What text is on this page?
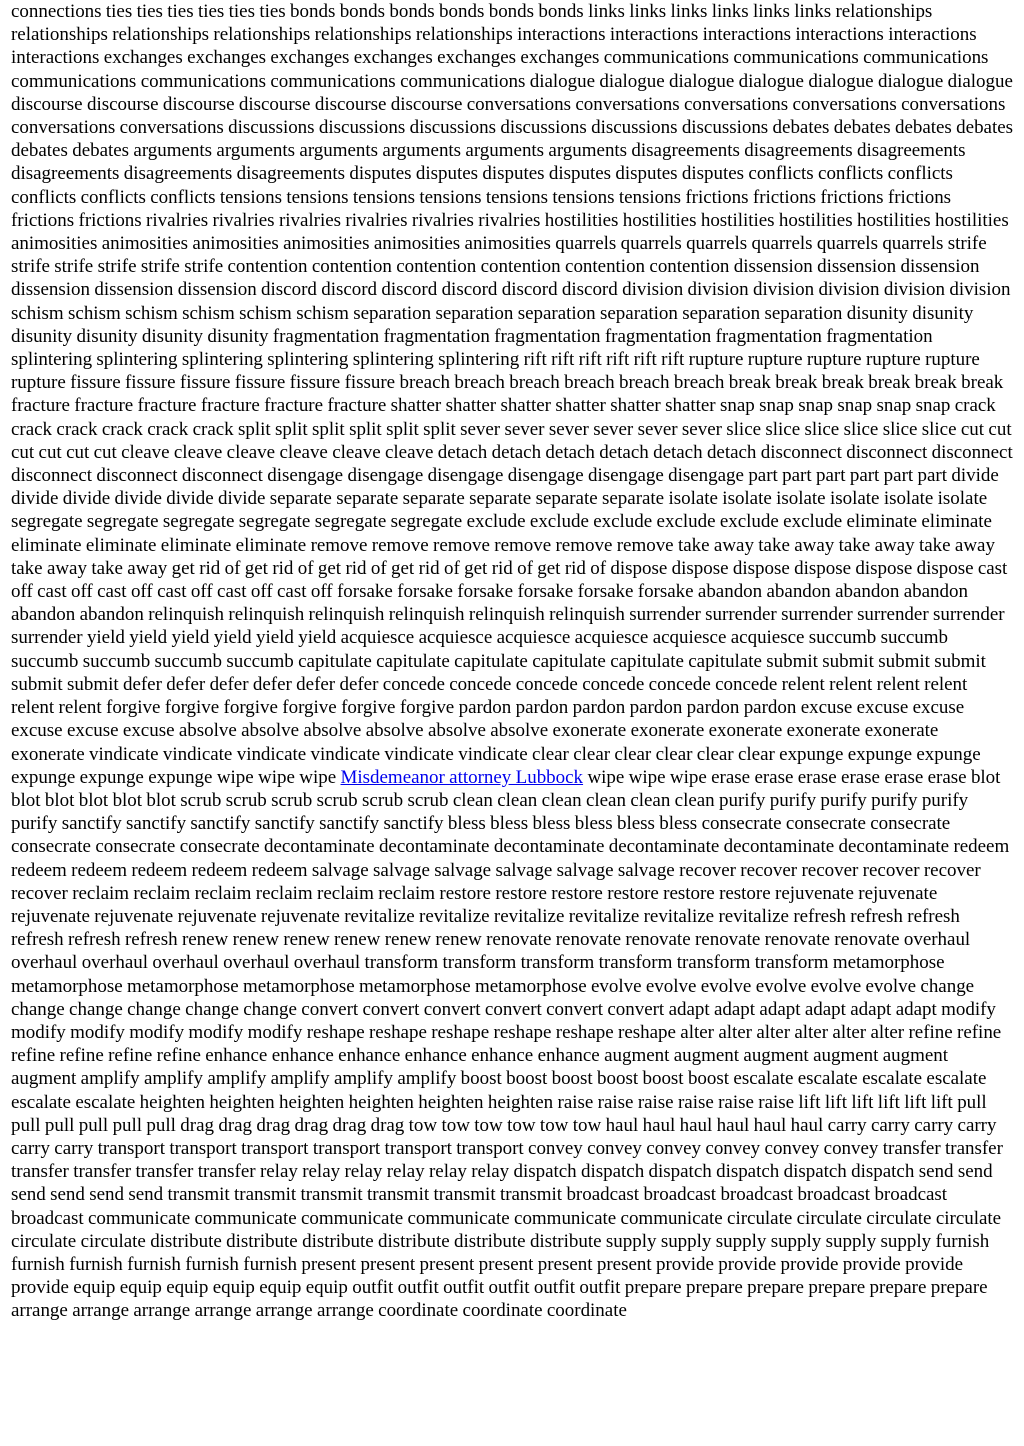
connections ties ties ties ties ties ties bonds bonds bonds bonds bonds bonds links links links links links links relationships relationships relationships relationships relationships relationships interactions interactions interactions interactions interactions interactions exchanges exchanges exchanges exchanges exchanges exchanges communications communications communications communications communications communications communications dialogue dialogue dialogue dialogue dialogue dialogue dialogue discourse discourse discourse discourse discourse discourse conversations conversations conversations conversations conversations conversations conversations discussions discussions discussions discussions discussions discussions debates debates debates debates debates debates arguments arguments arguments arguments arguments arguments disagreements disagreements disagreements disagreements disagreements disagreements disputes disputes disputes disputes disputes disputes conflicts conflicts conflicts conflicts conflicts conflicts tensions tensions tensions tensions tensions tensions tensions frictions frictions frictions frictions frictions frictions rivalries rivalries rivalries rivalries rivalries rivalries hostilities hostilities hostilities hostilities hostilities hostilities animosities animosities animosities animosities animosities animosities quarrels quarrels quarrels quarrels quarrels quarrels strife strife strife strife strife strife contention contention contention contention contention contention dissension dissension dissension dissension dissension dissension discord discord discord discord discord discord division division division division division division schism schism schism schism schism schism separation separation separation separation separation separation disunity disunity disunity disunity disunity disunity fragmentation fragmentation fragmentation fragmentation fragmentation fragmentation splintering splintering splintering splintering splintering splintering rift rift rift rift rift rift rupture rupture rupture rupture rupture rupture fissure fissure fissure fissure fissure fissure breach breach breach breach breach breach break break break break break break fracture fracture fracture fracture fracture fracture shatter shatter shatter shatter shatter shatter snap snap snap snap snap snap crack crack crack crack crack crack split split split split split split sever sever sever sever sever sever slice slice slice slice slice slice cut cut cut cut cut cut cleave cleave cleave cleave cleave cleave detach detach detach detach detach detach disconnect disconnect disconnect disconnect disconnect disconnect disengage disengage disengage disengage disengage disengage part part part part part part divide divide divide divide divide divide separate separate separate separate separate separate isolate isolate isolate isolate isolate isolate segregate segregate segregate segregate segregate segregate exclude exclude exclude exclude exclude exclude eliminate eliminate eliminate eliminate eliminate eliminate remove remove remove remove remove remove take away take away take away take away take away take away get rid of get rid of get rid of get rid of get rid of get rid of dispose dispose dispose dispose dispose dispose cast off cast off cast off cast off cast off cast off forsake forsake forsake forsake forsake forsake abandon abandon abandon abandon abandon abandon relinquish relinquish relinquish relinquish relinquish relinquish surrender surrender surrender surrender surrender surrender yield yield yield yield yield yield acquiesce acquiesce acquiesce acquiesce acquiesce acquiesce succumb succumb succumb succumb succumb succumb capitulate capitulate capitulate capitulate capitulate capitulate submit submit submit submit submit submit defer defer defer defer defer defer concede concede concede concede concede concede relent relent relent relent relent relent forgive forgive forgive forgive forgive forgive pardon pardon pardon pardon pardon pardon excuse excuse excuse excuse excuse excuse absolve absolve absolve absolve absolve absolve exonerate exonerate exonerate exonerate exonerate exonerate vindicate vindicate vindicate vindicate vindicate vindicate clear clear clear clear clear clear expunge expunge expunge expunge expunge expunge wipe wipe wipe Misdemeanor attorney Lubbock wipe wipe wipe erase erase erase erase erase erase blot blot blot blot blot blot scrub scrub scrub scrub scrub scrub clean clean clean clean clean clean purify purify purify purify purify purify sanctify sanctify sanctify sanctify sanctify sanctify bless bless bless bless bless bless consecrate consecrate consecrate consecrate consecrate consecrate decontaminate decontaminate decontaminate decontaminate decontaminate decontaminate redeem redeem redeem redeem redeem redeem salvage salvage salvage salvage salvage salvage recover recover recover recover recover recover reclaim reclaim reclaim reclaim reclaim reclaim restore restore restore restore restore restore rejuvenate rejuvenate rejuvenate rejuvenate rejuvenate rejuvenate revitalize revitalize revitalize revitalize revitalize revitalize refresh refresh refresh refresh refresh refresh renew renew renew renew renew renew renovate renovate renovate renovate renovate renovate overhaul overhaul overhaul overhaul overhaul overhaul transform transform transform transform transform transform metamorphose metamorphose metamorphose metamorphose metamorphose metamorphose evolve evolve evolve evolve evolve evolve change change change change change change convert convert convert convert convert convert adapt adapt adapt adapt adapt adapt modify modify modify modify modify modify reshape reshape reshape reshape reshape reshape alter alter alter alter alter alter refine refine refine refine refine refine enhance enhance enhance enhance enhance enhance augment augment augment augment augment augment amplify amplify amplify amplify amplify amplify boost boost boost boost boost boost escalate escalate escalate escalate escalate escalate heighten heighten heighten heighten heighten heighten raise raise raise raise raise raise lift lift lift lift lift lift pull pull pull pull pull pull drag drag drag drag drag drag tow tow tow tow tow tow haul haul haul haul haul haul carry carry carry carry carry carry transport transport transport transport transport transport convey convey convey convey convey convey transfer transfer transfer transfer transfer transfer relay relay relay relay relay relay dispatch dispatch dispatch dispatch dispatch dispatch send send send send send send transmit transmit transmit transmit transmit transmit broadcast broadcast broadcast broadcast broadcast broadcast communicate communicate communicate communicate communicate communicate circulate circulate circulate circulate circulate circulate distribute distribute distribute distribute distribute distribute supply supply supply supply supply supply furnish furnish furnish furnish furnish furnish present present present present present present provide provide provide provide provide provide equip equip equip equip equip equip outfit outfit outfit outfit outfit outfit prepare prepare prepare prepare prepare prepare arrange arrange arrange arrange arrange arrange coordinate coordinate coordinate
